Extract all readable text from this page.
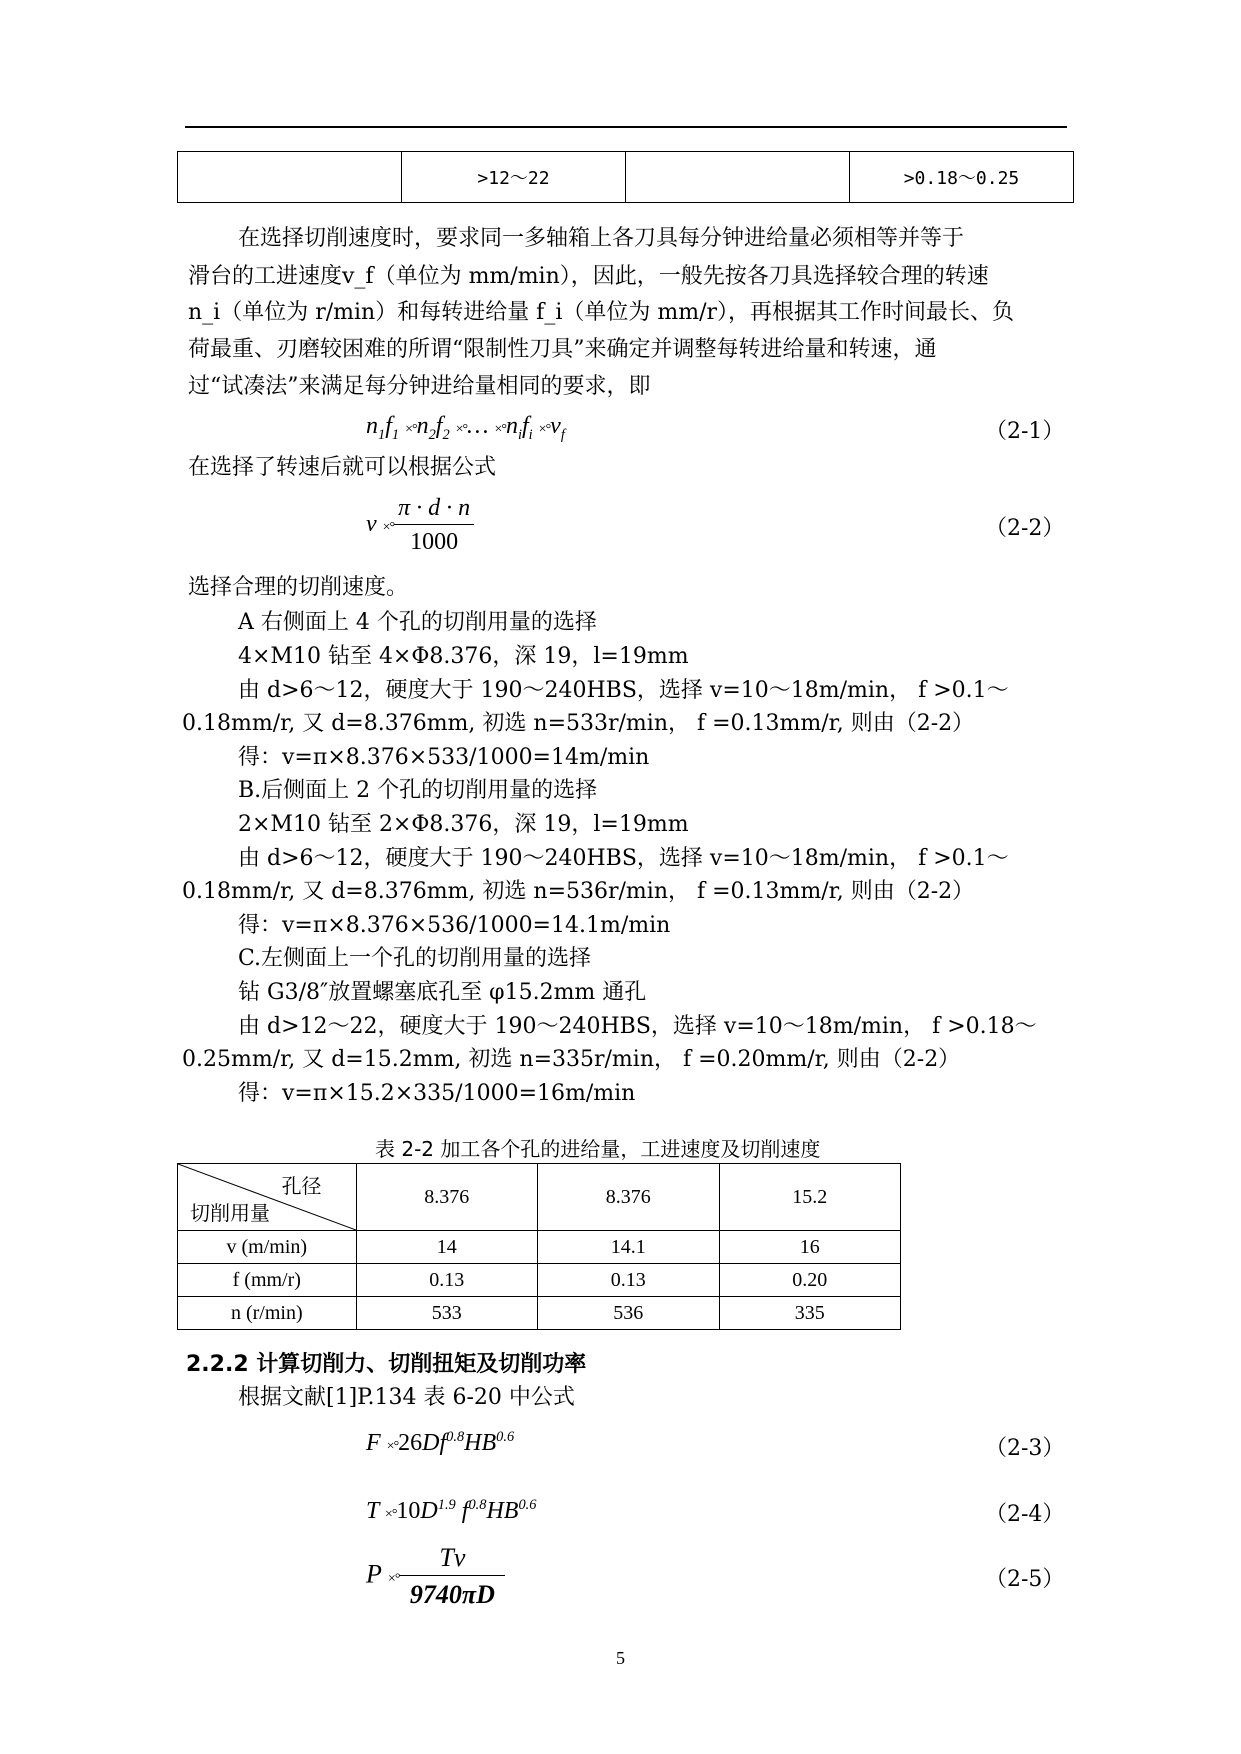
	>12～22		>0.18～0.25
在选择切削速度时，要求同一多轴箱上各刀具每分钟进给量必须相等并等于
滑台的工进速度v_f（单位为 mm/min），因此，一般先按各刀具选择较合理的转速
n_i（单位为 r/min）和每转进给量 f_i（单位为 mm/r），再根据其工作时间最长、负
荷最重、刃磨较困难的所谓“限制性刀具”来确定并调整每转进给量和转速，通
过“试凑法”来满足每分钟进给量相同的要求，即
$n_1f_1 \times^\circ n_2f_2$ ×°… $\times^\circ n_if_i \times^\circ v_f$	（2-1）
在选择了转速后就可以根据公式
v ×° $\frac{\pi \cdot d \cdot n}{1000}$	（2-2）
选择合理的切削速度。
A 右侧面上 4 个孔的切削用量的选择
4×M10 钻至 4×Φ8.376，深 19，l=19mm
由 d>6～12，硬度大于 190～240HBS，选择 v=10～18m/min， f >0.1～
0.18mm/r, 又 d=8.376mm, 初选 n=533r/min， f =0.13mm/r, 则由（2-2）
得：v=π×8.376×533/1000=14m/min
B.后侧面上 2 个孔的切削用量的选择
2×M10 钻至 2×Φ8.376，深 19，l=19mm
由 d>6～12，硬度大于 190～240HBS，选择 v=10～18m/min， f >0.1～
0.18mm/r, 又 d=8.376mm, 初选 n=536r/min， f =0.13mm/r, 则由（2-2）
得：v=π×8.376×536/1000=14.1m/min
C.左侧面上一个孔的切削用量的选择
钻 G3/8″放置螺塞底孔至 φ15.2mm 通孔
由 d>12～22，硬度大于 190～240HBS，选择 v=10～18m/min， f >0.18～
0.25mm/r, 又 d=15.2mm, 初选 n=335r/min， f =0.20mm/r, 则由（2-2）
得：v=π×15.2×335/1000=16m/min
表 2-2 加工各个孔的进给量，工进速度及切削速度
孔径
切削用量	8.376	8.376	15.2
v (m/min)	14	14.1	16
f (mm/r)	0.13	0.13	0.20
n (r/min)	533	536	335
2.2.2 计算切削力、切削扭矩及切削功率
根据文献[1]P.134 表 6-20 中公式
$F \times^\circ 26Df^{0.8}HB^{0.6}$	（2-3）
$T \times^\circ 10D^{1.9}$ $f^{0.8}HB^{0.6}$	（2-4）
P ×° $\frac{Tv}{9740\pi D}$	（2-5）
5
